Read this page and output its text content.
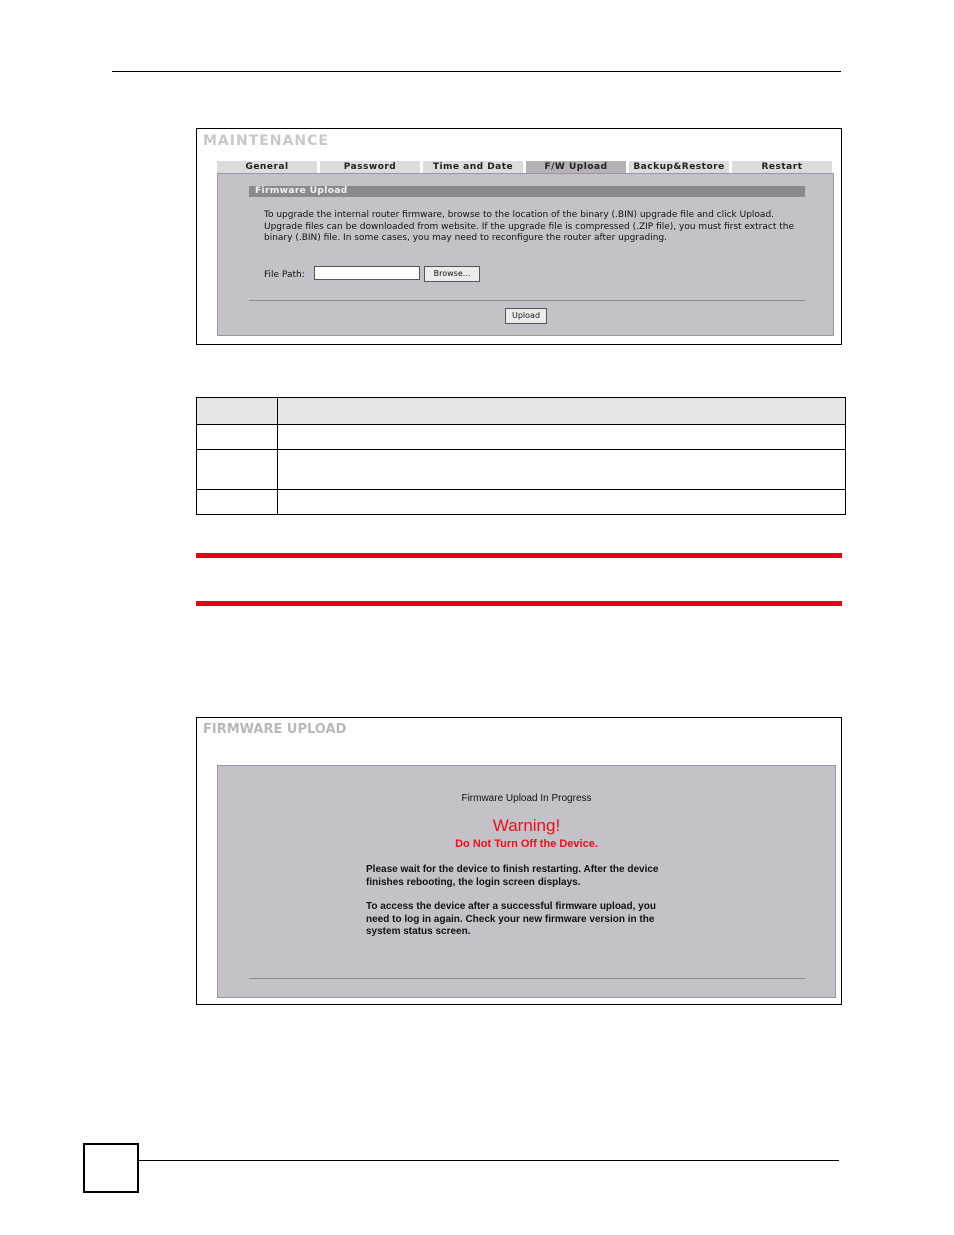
MAINTENANCE
General	Password	Time and Date	F/W Upload	Backup&Restore	Restart
Firmware Upload
To upgrade the internal router firmware, browse to the location of the binary (.BIN) upgrade file and click Upload. Upgrade files can be downloaded from website. If the upgrade file is compressed (.ZIP file), you must first extract the binary (.BIN) file. In some cases, you may need to reconfigure the router after upgrading.
File Path:	Browse...
Upload

FIRMWARE UPLOAD
Firmware Upload In Progress
Warning!
Do Not Turn Off the Device.
Please wait for the device to finish restarting. After the device finishes rebooting, the login screen displays.
To access the device after a successful firmware upload, you need to log in again. Check your new firmware version in the system status screen.
